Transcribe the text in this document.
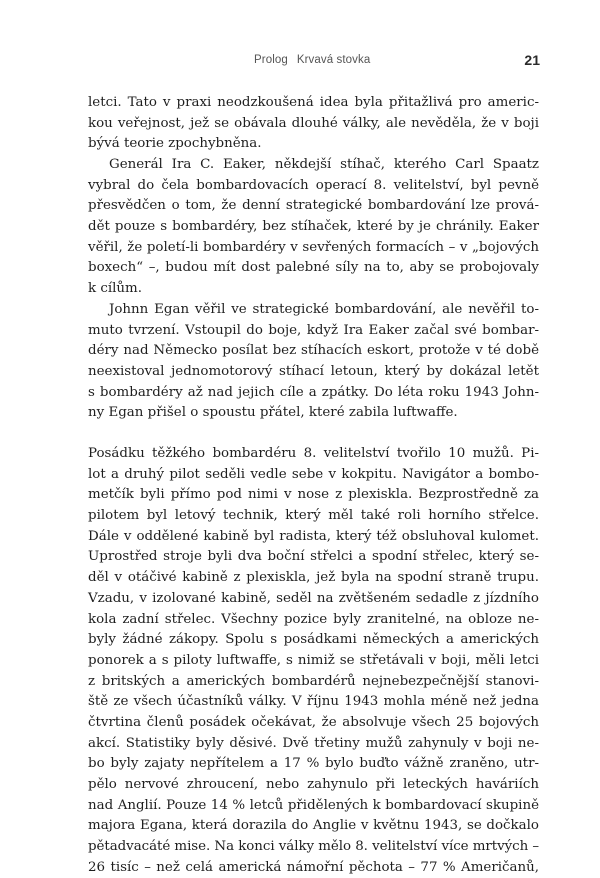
Prolog Krvavá stovka	21
letci. Tato v praxi neodzkoušená idea byla přitažlivá pro americ-
kou veřejnost, jež se obávala dlouhé války, ale nevěděla, že v boji
bývá teorie zpochybněna.
Generál Ira C. Eaker, někdejší stíhač, kterého Carl Spaatz
vybral do čela bombardovacích operací 8. velitelství, byl pevně
přesvědčen o tom, že denní strategické bombardování lze prová-
dět pouze s bombardéry, bez stíhaček, které by je chránily. Eaker
věřil, že poletí-li bombardéry v sevřených formacích – v „bojových
boxech“ –, budou mít dost palebné síly na to, aby se probojovaly
k cílům.
Johnn Egan věřil ve strategické bombardování, ale nevěřil to-
muto tvrzení. Vstoupil do boje, když Ira Eaker začal své bombar-
déry nad Německo posílat bez stíhacích eskort, protože v té době
neexistoval jednomotorový stíhací letoun, který by dokázal letět
s bombardéry až nad jejich cíle a zpátky. Do léta roku 1943 John-
ny Egan přišel o spoustu přátel, které zabila luftwaffe.
Posádku těžkého bombardéru 8. velitelství tvořilo 10 mužů. Pi-
lot a druhý pilot seděli vedle sebe v kokpitu. Navigátor a bombo-
metčík byli přímo pod nimi v nose z plexiskla. Bezprostředně za
pilotem byl letový technik, který měl také roli horního střelce.
Dále v oddělené kabině byl radista, který též obsluhoval kulomet.
Uprostřed stroje byli dva boční střelci a spodní střelec, který se-
děl v otáčivé kabině z plexiskla, jež byla na spodní straně trupu.
Vzadu, v izolované kabině, seděl na zvětšeném sedadle z jízdního
kola zadní střelec. Všechny pozice byly zranitelné, na obloze ne-
byly žádné zákopy. Spolu s posádkami německých a amerických
ponorek a s piloty luftwaffe, s nimiž se střetávali v boji, měli letci
z britských a amerických bombardérů nejnebezpečnější stanovi-
ště ze všech účastníků války. V říjnu 1943 mohla méně než jedna
čtvrtina členů posádek očekávat, že absolvuje všech 25 bojových
akcí. Statistiky byly děsivé. Dvě třetiny mužů zahynuly v boji ne-
bo byly zajaty nepřítelem a 17 % bylo buďto vážně zraněno, utr-
pělo nervové zhroucení, nebo zahynulo při leteckých haváriích
nad Anglií. Pouze 14 % letců přidělených k bombardovací skupině
majora Egana, která dorazila do Anglie v květnu 1943, se dočkalo
pětadvacáté mise. Na konci války mělo 8. velitelství více mrtvých –
26 tisíc – než celá americká námořní pěchota – 77 % Američanů,
